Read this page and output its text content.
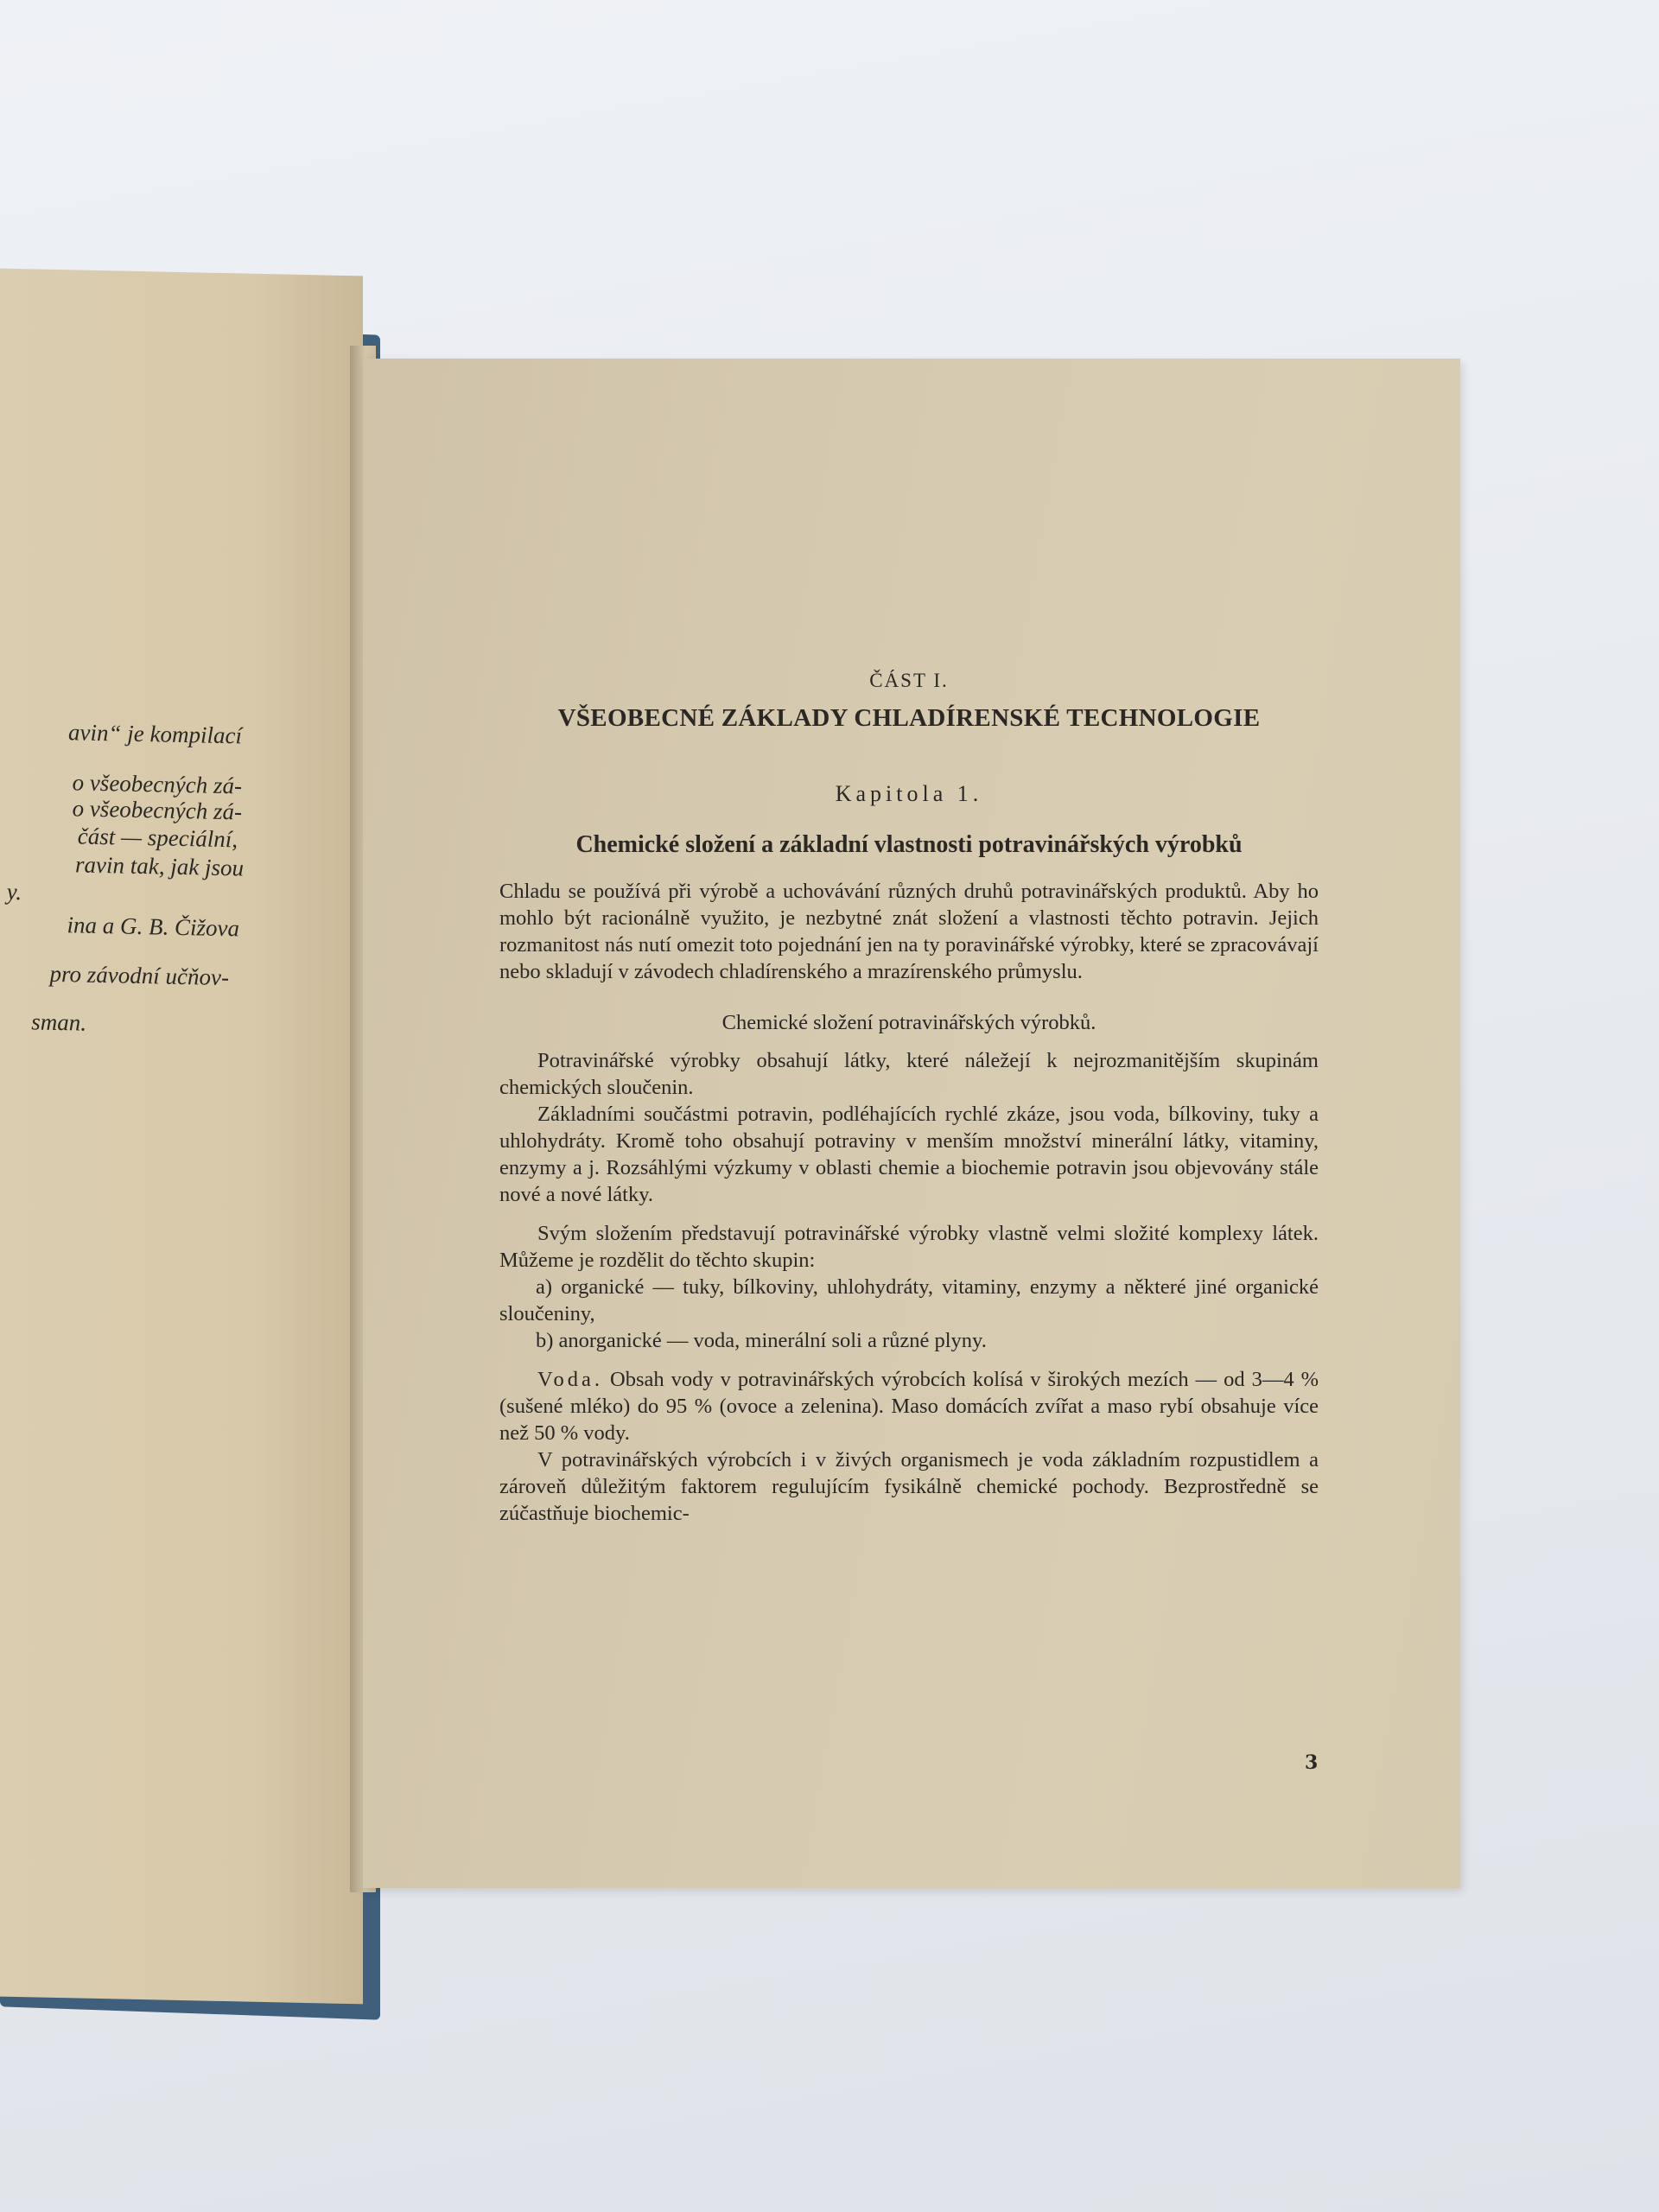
avin“ je kompilací
o všeobecných zá-
o všeobecných zá-
část — speciální,
ravin tak, jak jsou
y.
ina a G. B. Čižova
pro závodní učňov-
sman.

ČÁST I.

VŠEOBECNÉ ZÁKLADY CHLADÍRENSKÉ TECHNOLOGIE

Kapitola 1.

Chemické složení a základní vlastnosti potravinářských výrobků

Chladu se používá při výrobě a uchovávání různých druhů potravinářských produktů. Aby ho mohlo být racionálně využito, je nezbytné znát složení a vlastnosti těchto potravin. Jejich rozmanitost nás nutí omezit toto pojednání jen na ty poravinářské výrobky, které se zpracovávají nebo skladují v závodech chladírenského a mrazírenského průmyslu.

Chemické složení potravinářských výrobků.

Potravinářské výrobky obsahují látky, které náležejí k nejrozmanitějším skupinám chemických sloučenin.

Základními součástmi potravin, podléhajících rychlé zkáze, jsou voda, bílkoviny, tuky a uhlohydráty. Kromě toho obsahují potraviny v menším množství minerální látky, vitaminy, enzymy a j. Rozsáhlými výzkumy v oblasti chemie a biochemie potravin jsou objevovány stále nové a nové látky.

Svým složením představují potravinářské výrobky vlastně velmi složité komplexy látek. Můžeme je rozdělit do těchto skupin:

a) organické — tuky, bílkoviny, uhlohydráty, vitaminy, enzymy a některé jiné organické sloučeniny,

b) anorganické — voda, minerální soli a různé plyny.

Voda. Obsah vody v potravinářských výrobcích kolísá v širokých mezích — od 3—4 % (sušené mléko) do 95 % (ovoce a zelenina). Maso domácích zvířat a maso rybí obsahuje více než 50 % vody.

V potravinářských výrobcích i v živých organismech je voda základním rozpustidlem a zároveň důležitým faktorem regulujícím fysikálně chemické pochody. Bezprostředně se zúčastňuje biochemic-

3
